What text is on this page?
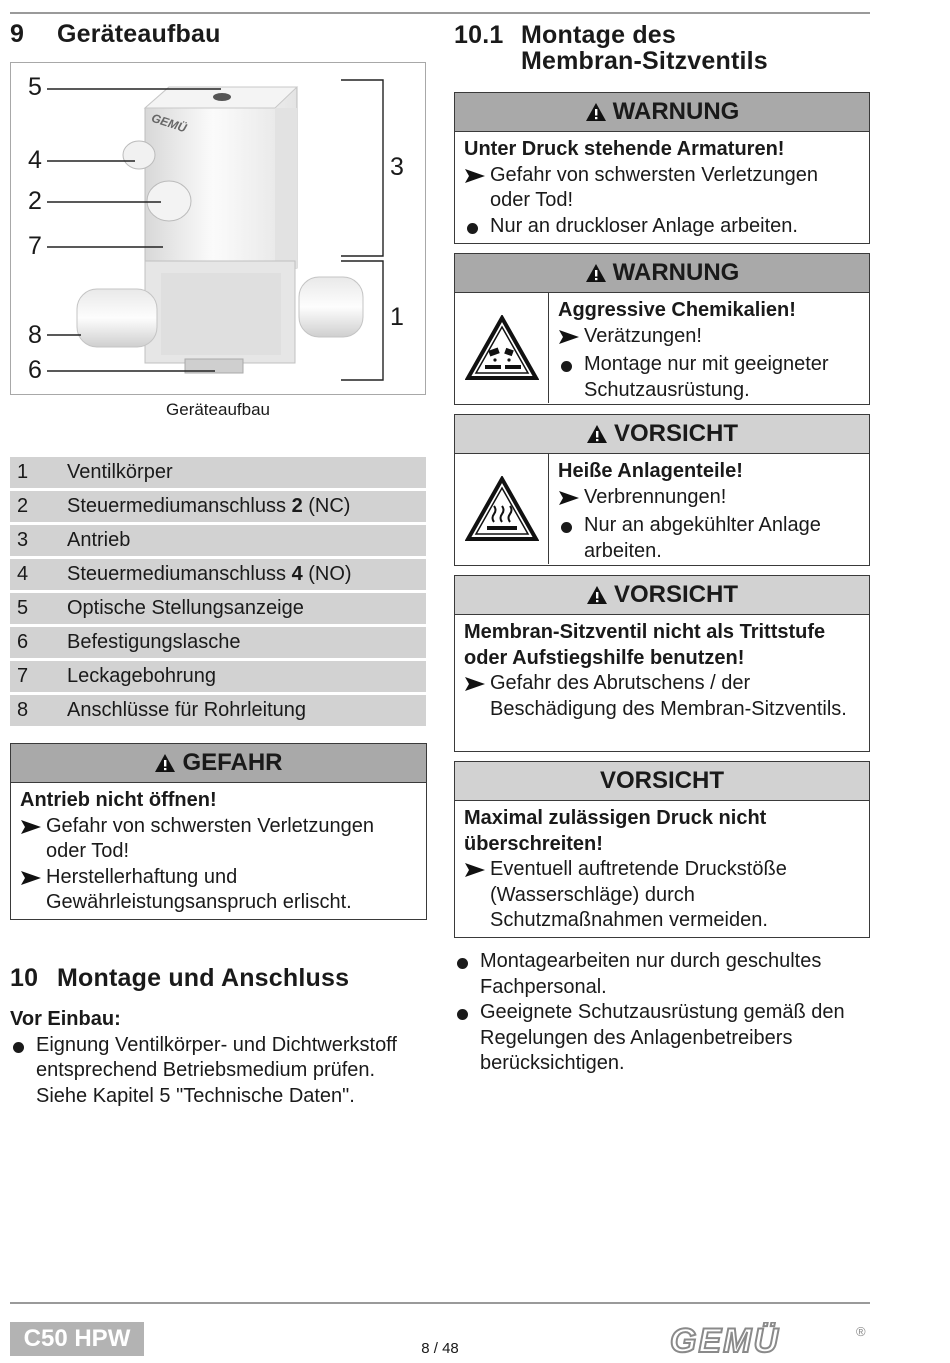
9 Geräteaufbau
GEMÜ
5
4
2
7
8
6
3
1
Geräteaufbau
1	Ventilkörper
2	Steuermediumanschluss 2 (NC)
3	Antrieb
4	Steuermediumanschluss 4 (NO)
5	Optische Stellungsanzeige
6	Befestigungslasche
7	Leckagebohrung
8	Anschlüsse für Rohrleitung
GEFAHR
Antrieb nicht öffnen!
Gefahr von schwersten Verletzungen oder Tod!
Herstellerhaftung und Gewährleistungsanspruch erlischt.
10 Montage und Anschluss
Vor Einbau:
Eignung Ventilkörper- und Dichtwerkstoff entsprechend Betriebsmedium prüfen. Siehe Kapitel 5 "Technische Daten".
10.1 Montage des
Membran-Sitzventils
WARNUNG
Unter Druck stehende Armaturen!
Gefahr von schwersten Verletzungen oder Tod!
Nur an druckloser Anlage arbeiten.
WARNUNG
Aggressive Chemikalien!
Verätzungen!
Montage nur mit geeigneter Schutzausrüstung.
VORSICHT
Heiße Anlagenteile!
Verbrennungen!
Nur an abgekühlter Anlage arbeiten.
VORSICHT
Membran-Sitzventil nicht als Trittstufe oder Aufstiegshilfe benutzen!
Gefahr des Abrutschens / der Beschädigung des Membran-Sitzventils.
VORSICHT
Maximal zulässigen Druck nicht überschreiten!
Eventuell auftretende Druckstöße (Wasserschläge) durch Schutzmaßnahmen vermeiden.
Montagearbeiten nur durch geschultes Fachpersonal.
Geeignete Schutzausrüstung gemäß den Regelungen des Anlagenbetreibers berücksichtigen.
C50 HPW	8 / 48	GEMÜ	®
